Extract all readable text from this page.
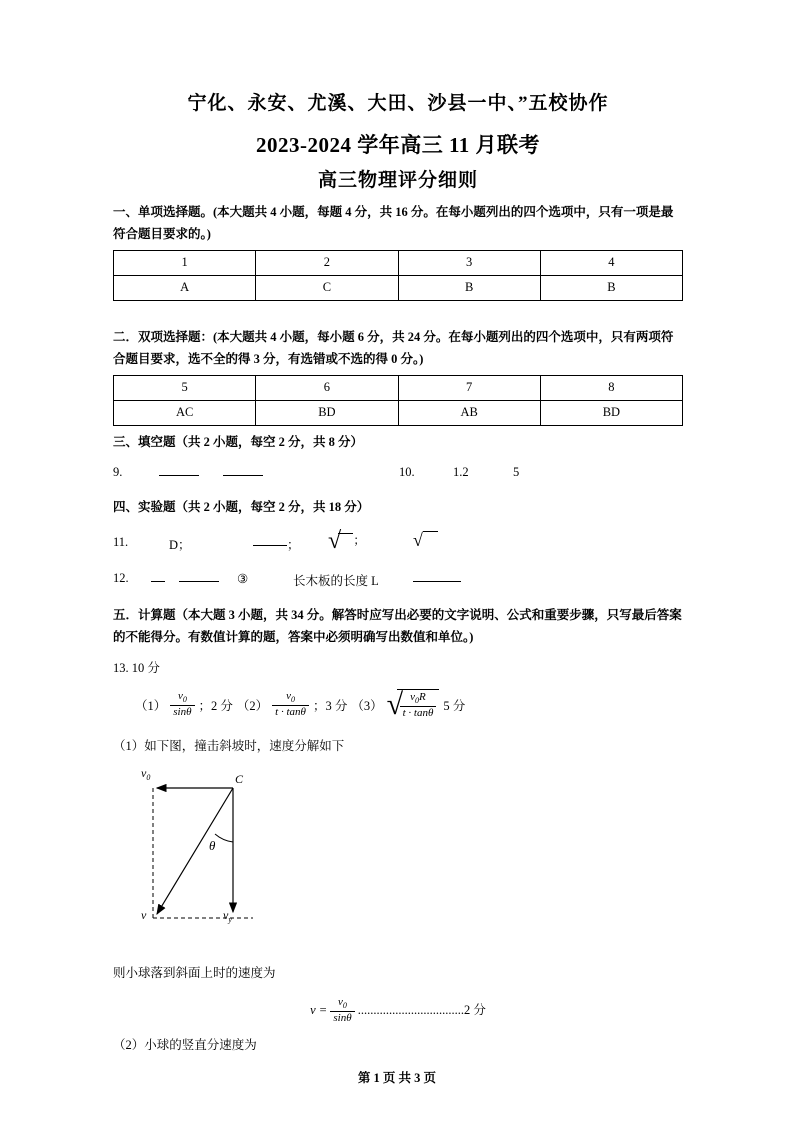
宁化、永安、尤溪、大田、沙县一中、”五校协作
2023-2024 学年高三 11 月联考
高三物理评分细则
一、单项选择题。(本大题共 4 小题，每题 4 分，共 16 分。在每小题列出的四个选项中，只有一项是最符合题目要求的。)
1	2	3	4
A	C	B	B
二．双项选择题：(本大题共 4 小题，每小题 6 分，共 24 分。在每小题列出的四个选项中，只有两项符合题目要求，选不全的得 3 分，有选错或不选的得 0 分。)
5	6	7	8
AC	BD	AB	BD
三、填空题（共 2 小题，每空 2 分，共 8 分）
9.	10.	1.2	5
四、实验题（共 2 小题，每空 2 分，共 18 分）
11.	D；	； √ ；	√

12.	③	长木板的长度 L
五．计算题（本大题 3 小题，共 34 分。解答时应写出必要的文字说明、公式和重要步骤，只写最后答案的不能得分。有数值计算的题，答案中必须明确写出数值和单位。)
13. 10 分
$(1) \frac{v_0}{\sin\theta}$ ；2 分 $(2) \frac{v_0}{t \cdot \tan\theta}$ ；3 分 （3） √
$\frac{v_0R}{t \cdot \tan\theta} 5$ 分
（1）如下图，撞击斜坡时，速度分解如下
$v_0$	C
θ
v	$v_y$
则小球落到斜面上时的速度为
$v = \frac{v_0}{\sin\theta} ..................................2$ 分
（2）小球的竖直分速度为
第 1 页 共 3 页
